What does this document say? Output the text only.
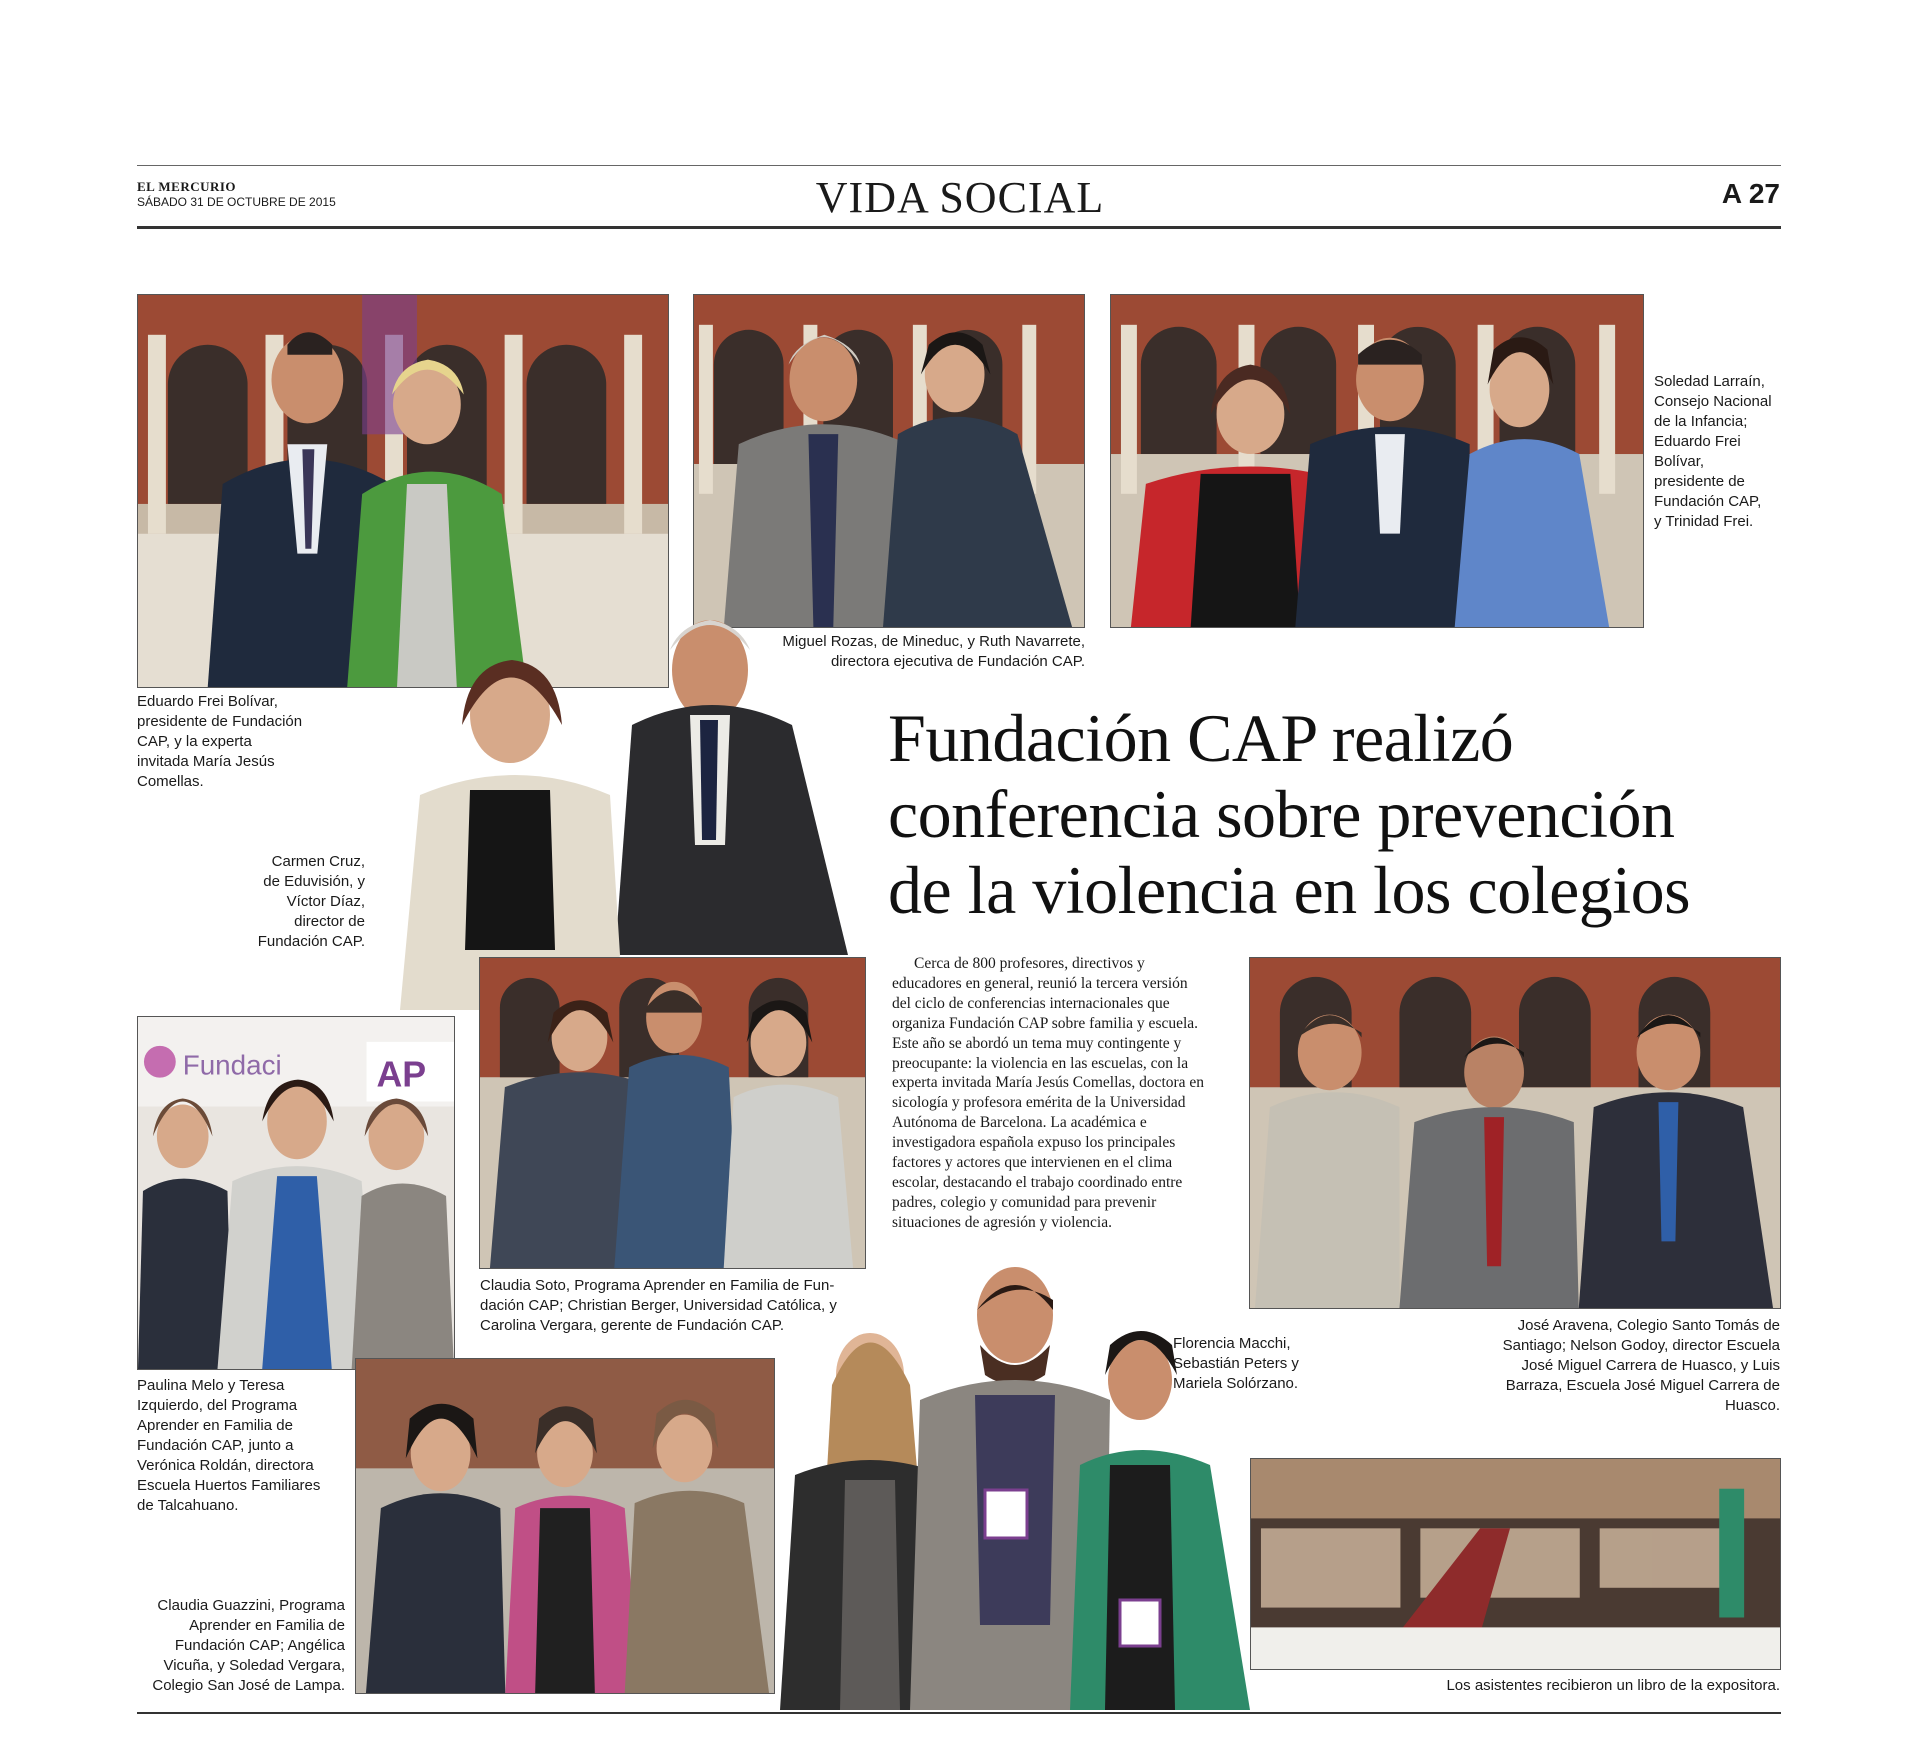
EL MERCURIO
SÁBADO 31 DE OCTUBRE DE 2015	VIDA SOCIAL	A 27
Soledad Larraín,
Consejo Nacional
de la Infancia;
Eduardo Frei
Bolívar,
presidente de
Fundación CAP,
y Trinidad Frei.
Miguel Rozas, de Mineduc, y Ruth Navarrete,
directora ejecutiva de Fundación CAP.
Eduardo Frei Bolívar,
presidente de Fundación
CAP, y la experta
invitada María Jesús
Comellas.
Carmen Cruz,
de Eduvisión, y
Víctor Díaz,
director de
Fundación CAP.
Fundación CAP realizó
conferencia sobre prevención
de la violencia en los colegios
Cerca de 800 profesores, directivos y educadores en general, reunió la tercera versión del ciclo de conferencias internacionales que organiza Fundación CAP sobre familia y escuela. Este año se abordó un tema muy contingente y preocupante: la violencia en las escuelas, con la experta invitada María Jesús Comellas, doctora en sicología y profesora emérita de la Universidad Autónoma de Barcelona. La académica e investigadora española expuso los principales factores y actores que intervienen en el clima escolar, destacando el trabajo coordinado entre padres, colegio y comunidad para prevenir situaciones de agresión y violencia.
Fundaci	AP
Paulina Melo y Teresa
Izquierdo, del Programa
Aprender en Familia de
Fundación CAP, junto a
Verónica Roldán, directora
Escuela Huertos Familiares
de Talcahuano.
Claudia Soto, Programa Aprender en Familia de Fun-
dación CAP; Christian Berger, Universidad Católica, y
Carolina Vergara, gerente de Fundación CAP.	José Aravena, Colegio Santo Tomás de
Santiago; Nelson Godoy, director Escuela
José Miguel Carrera de Huasco, y Luis
Barraza, Escuela José Miguel Carrera de
Huasco.
Claudia Guazzini, Programa
Aprender en Familia de
Fundación CAP; Angélica
Vicuña, y Soledad Vergara,
Colegio San José de Lampa.
Florencia Macchi,
Sebastián Peters y
Mariela Solórzano.
Los asistentes recibieron un libro de la expositora.
